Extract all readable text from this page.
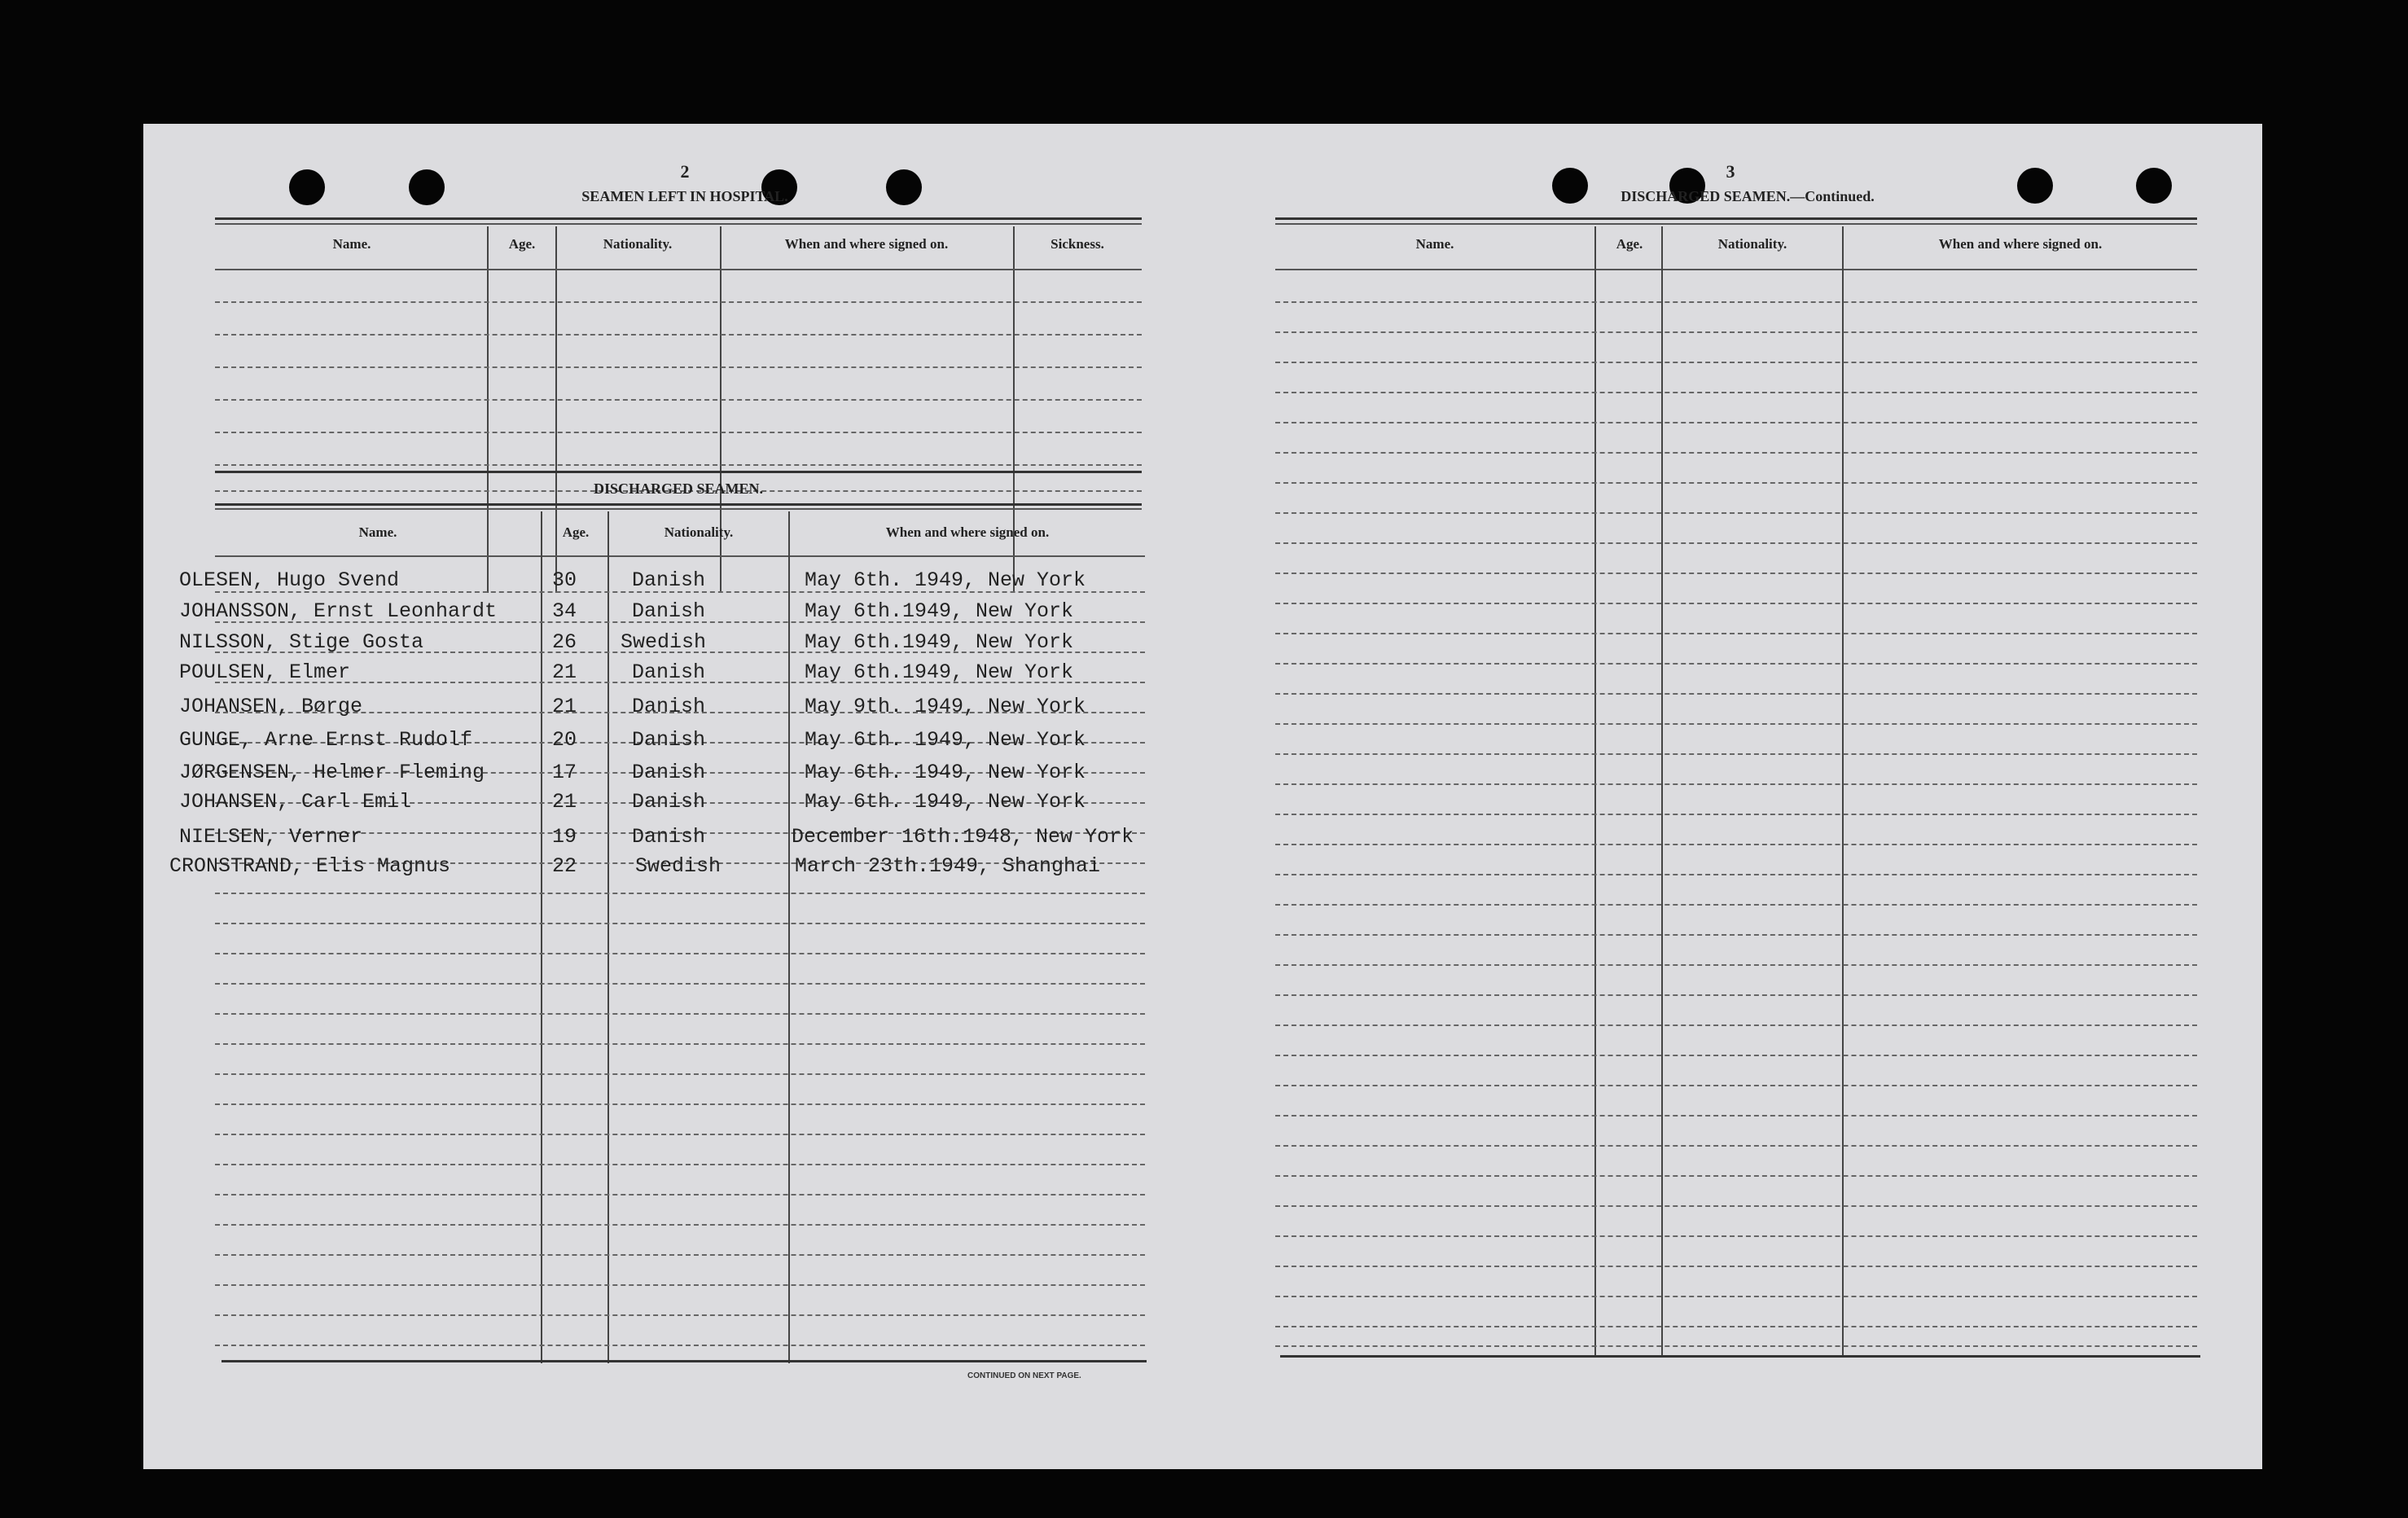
2
SEAMEN LEFT IN HOSPITAL.
Name.	Age.	Nationality.	When and where signed on.	Sickness.
DISCHARGED SEAMEN.
Name.	Age.	Nationality.	When and where signed on.
OLESEN, Hugo Svend	30	Danish	May 6th. 1949, New York
JOHANSSON, Ernst Leonhardt	34	Danish	May 6th.1949, New York
NILSSON, Stige Gosta	26 Swedish	May 6th.1949, New York
POULSEN, Elmer	21	Danish	May 6th.1949, New York
JOHANSEN, Børge	21	Danish	May 9th. 1949, New York
GUNGE, Arne Ernst Rudolf	20	Danish	May 6th. 1949, New York
JØRGENSEN, Helmer Fleming	17	Danish	May 6th. 1949, New York
JOHANSEN, Carl Emil	21	Danish	May 6th. 1949, New York
NIELSEN, Verner	19	Danish	December 16th.1948, New York
CRONSTRAND, Elis Magnus	22	Swedish	March 23th.1949, Shanghai
CONTINUED ON NEXT PAGE.
3
DISCHARGED SEAMEN.—Continued.
Name.	Age.	Nationality.	When and where signed on.
